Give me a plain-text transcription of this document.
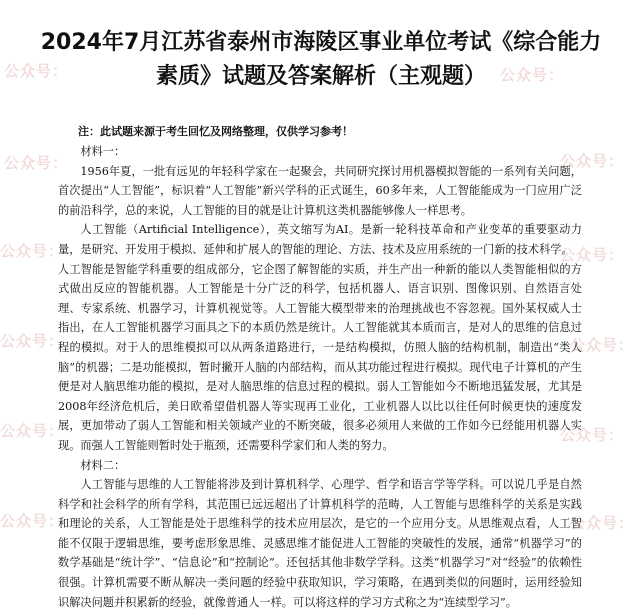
公众号：	公众号：
公众号：	公众号：
公众号：	公众号：
公众号：	公众号：
公众号：	公众号：
公众号：	公众号：
2024年7月江苏省泰州市海陵区事业单位考试《综合能力素质》试题及答案解析（主观题）
注：此试题来源于考生回忆及网络整理，仅供学习参考！

材料一：

1956年夏，一批有远见的年轻科学家在一起聚会，共同研究探讨用机器模拟智能的一系列有关问题，首次提出“人工智能”，标识着“人工智能”新兴学科的正式诞生，60多年来，人工智能能成为一门应用广泛的前沿科学，总的来说，人工智能的目的就是让计算机这类机器能够像人一样思考。

人工智能（Artificial Intelligence），英文缩写为AI。是新一轮科技革命和产业变革的重要驱动力量，是研究、开发用于模拟、延伸和扩展人的智能的理论、方法、技术及应用系统的一门新的技术科学。

人工智能是智能学科重要的组成部分，它企图了解智能的实质，并生产出一种新的能以人类智能相似的方式做出反应的智能机器。人工智能是十分广泛的科学，包括机器人、语言识别、图像识别、自然语言处理、专家系统、机器学习，计算机视觉等。人工智能大模型带来的治理挑战也不容忽视。国外某权威人士指出，在人工智能机器学习面具之下的本质仍然是统计。人工智能就其本质而言，是对人的思维的信息过程的模拟。对于人的思维模拟可以从两条道路进行，一是结构模拟，仿照人脑的结构机制，制造出“类人脑”的机器；二是功能模拟，暂时撇开人脑的内部结构，而从其功能过程进行模拟。现代电子计算机的产生便是对人脑思维功能的模拟，是对人脑思维的信息过程的模拟。弱人工智能如今不断地迅猛发展，尤其是2008年经济危机后，美日欧希望借机器人等实现再工业化，工业机器人以比以往任何时候更快的速度发展，更加带动了弱人工智能和相关领域产业的不断突破，很多必须用人来做的工作如今已经能用机器人实现。而强人工智能则暂时处于瓶颈，还需要科学家们和人类的努力。

材料二：

人工智能与思维的人工智能将涉及到计算机科学、心理学、哲学和语言学等学科。可以说几乎是自然科学和社会科学的所有学科，其范围已远远超出了计算机科学的范畴，人工智能与思维科学的关系是实践和理论的关系，人工智能是处于思维科学的技术应用层次，是它的一个应用分支。从思维观点看，人工智能不仅限于逻辑思维，要考虑形象思维、灵感思维才能促进人工智能的突破性的发展，通常“机器学习”的数学基础是“统计学”、“信息论”和“控制论”。还包括其他非数学学科。这类“机器学习”对“经验”的依赖性很强。计算机需要不断从解决一类问题的经验中获取知识，学习策略，在遇到类似的问题时，运用经验知识解决问题并积累新的经验，就像普通人一样。可以将这样的学习方式称之为“连续型学习”。
